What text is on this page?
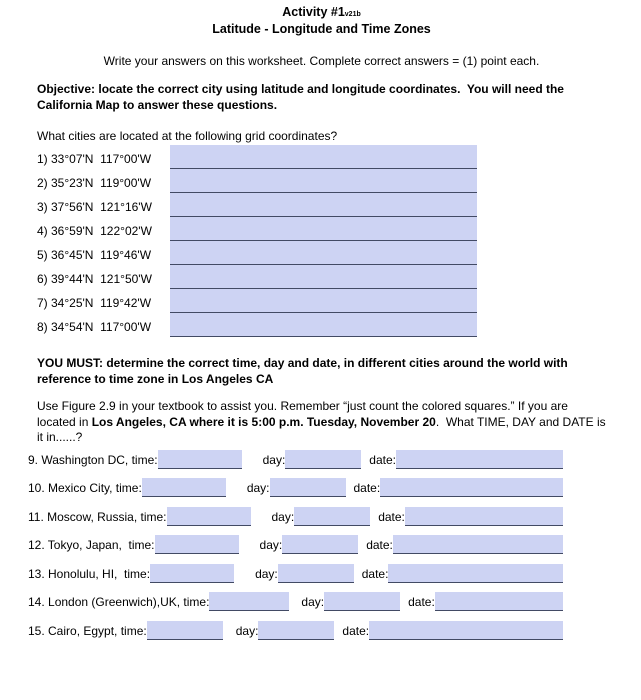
Activity #1v21b
Latitude - Longitude and Time Zones
Write your answers on this worksheet. Complete correct answers = (1) point each.
Objective: locate the correct city using latitude and longitude coordinates.  You will need the California Map to answer these questions.
What cities are located at the following grid coordinates?
1) 33°07'N  117°00'W
2) 35°23'N  119°00'W
3) 37°56'N  121°16'W
4) 36°59'N  122°02'W
5) 36°45'N  119°46'W
6) 39°44'N  121°50'W
7) 34°25'N  119°42'W
8) 34°54'N  117°00'W
YOU MUST: determine the correct time, day and date, in different cities around the world with reference to time zone in Los Angeles CA
Use Figure 2.9 in your textbook to assist you. Remember “just count the colored squares.” If you are located in Los Angeles, CA where it is 5:00 p.m. Tuesday, November 20.  What TIME, DAY and DATE is it in......?
9. Washington DC, time:	day:	date:
10. Mexico City, time:	day:	date:
11. Moscow, Russia, time:	day:	date:
12. Tokyo, Japan,  time:	day:	date:
13. Honolulu, HI,  time:	day:	date:
14. London (Greenwich),UK, time:	day:	date:
15. Cairo, Egypt, time:	day:	date:
